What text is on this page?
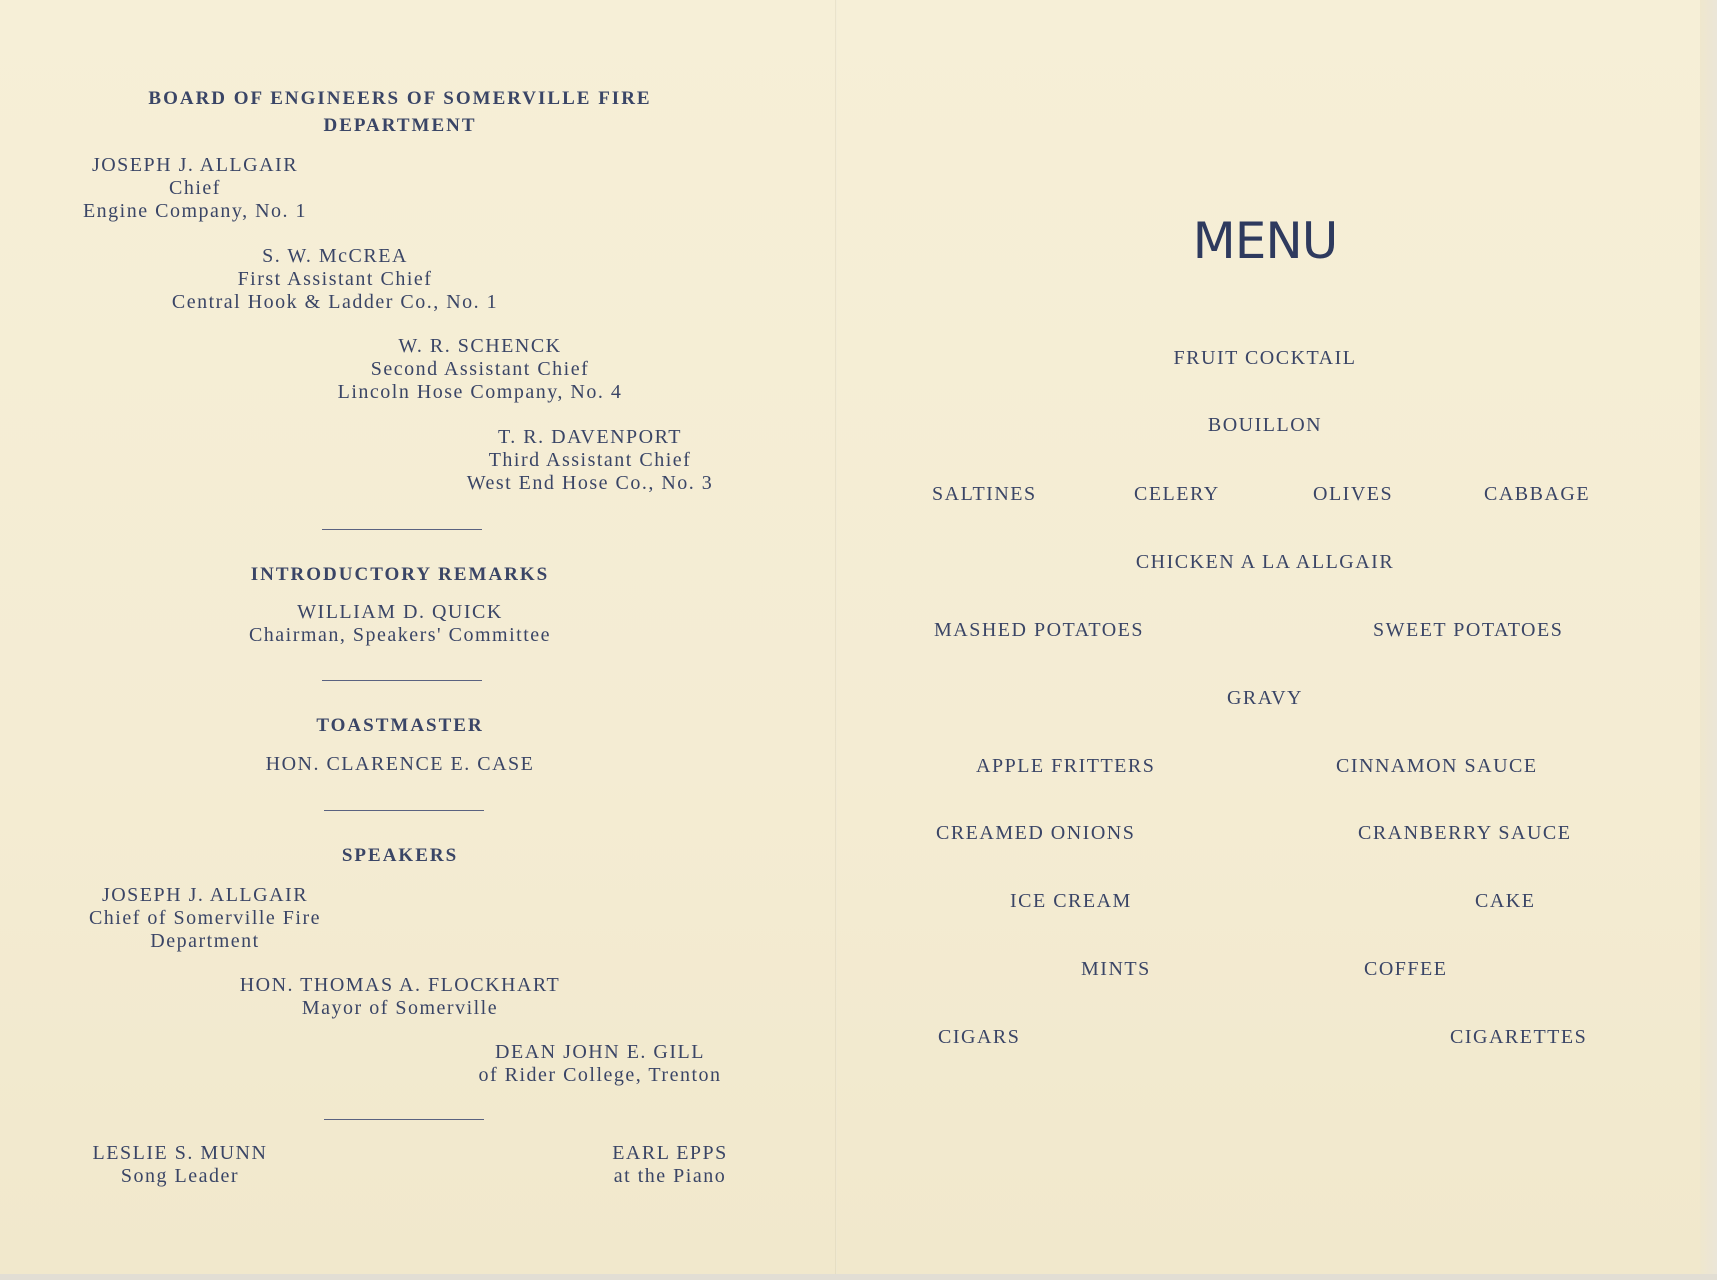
BOARD OF ENGINEERS OF SOMERVILLE FIRE
DEPARTMENT
JOSEPH J. ALLGAIR
Chief
Engine Company, No. 1
S. W. McCREA
First Assistant Chief
Central Hook & Ladder Co., No. 1
W. R. SCHENCK
Second Assistant Chief
Lincoln Hose Company, No. 4
T. R. DAVENPORT
Third Assistant Chief
West End Hose Co., No. 3
INTRODUCTORY REMARKS
WILLIAM D. QUICK
Chairman, Speakers' Committee
TOASTMASTER
HON. CLARENCE E. CASE
SPEAKERS
JOSEPH J. ALLGAIR
Chief of Somerville Fire
Department
HON. THOMAS A. FLOCKHART
Mayor of Somerville
DEAN JOHN E. GILL
of Rider College, Trenton
LESLIE S. MUNN
Song Leader
EARL EPPS
at the Piano
MENU
FRUIT COCKTAIL
BOUILLON
SALTINES	CELERY	OLIVES	CABBAGE
CHICKEN A LA ALLGAIR
MASHED POTATOES	SWEET POTATOES
GRAVY
APPLE FRITTERS	CINNAMON SAUCE
CREAMED ONIONS	CRANBERRY SAUCE
ICE CREAM	CAKE
MINTS	COFFEE
CIGARS	CIGARETTES
